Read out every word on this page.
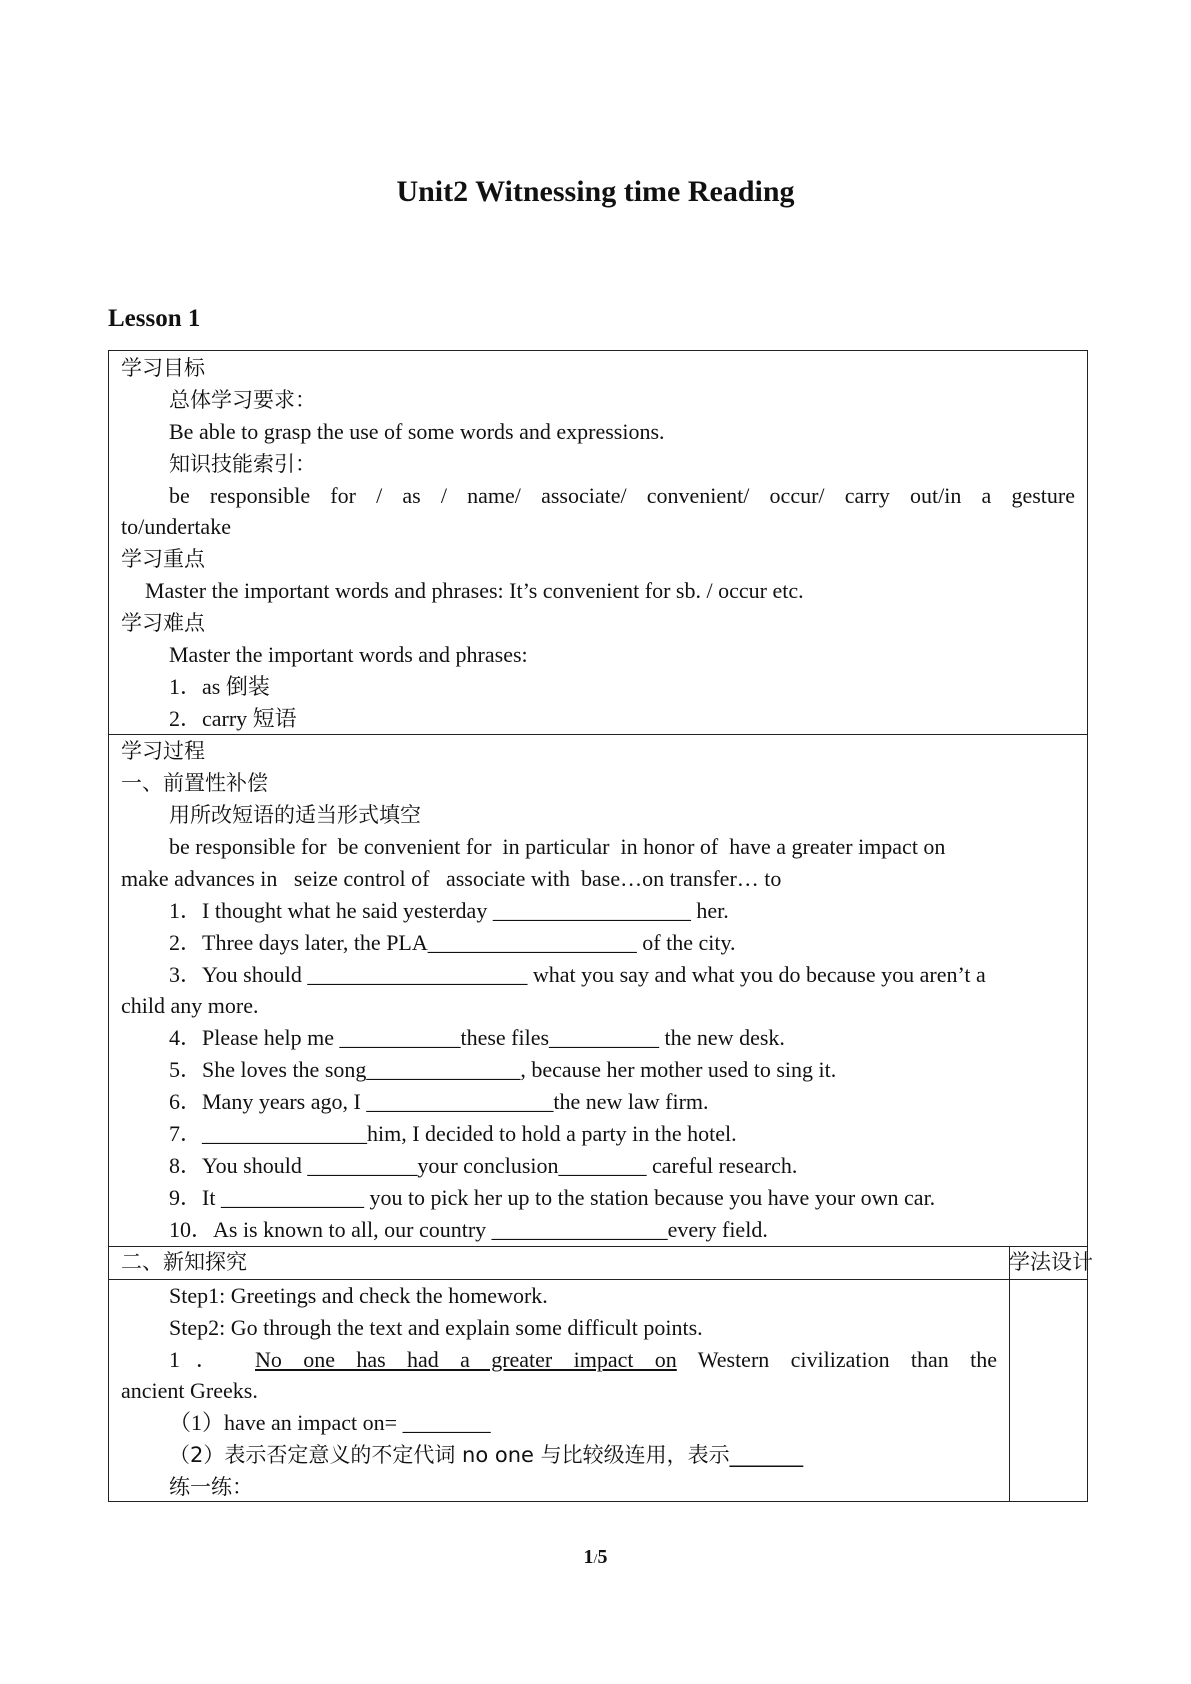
Unit2 Witnessing time Reading
Lesson 1
学习目标
总体学习要求：
Be able to grasp the use of some words and expressions.
知识技能索引：
be responsible for / as / name/ associate/ convenient/ occur/ carry out/in a gesture
to/undertake
学习重点
Master the important words and phrases: It’s convenient for sb. / occur etc.
学习难点
Master the important words and phrases:
1．as 倒装
2．carry 短语
学习过程
一、前置性补偿
用所改短语的适当形式填空
be responsible for  be convenient for  in particular  in honor of  have a greater impact on
make advances in   seize control of   associate with  base…on transfer… to
1．I thought what he said yesterday __________________ her.
2．Three days later, the PLA___________________ of the city.
3．You should ____________________ what you say and what you do because you aren’t a
child any more.
4．Please help me ___________these files__________ the new desk.
5．She loves the song______________, because her mother used to sing it.
6．Many years ago, I _________________the new law firm.
7．_______________him, I decided to hold a party in the hotel.
8．You should __________your conclusion________ careful research.
9．It _____________ you to pick her up to the station because you have your own car.
10．As is known to all, our country ________________every field.
二、新知探究	学法设计
Step1: Greetings and check the homework.
Step2: Go through the text and explain some difficult points.
1． No one has had a greater impact on Western civilization than the
ancient Greeks.
（1）have an impact on= ________
（2）表示否定意义的不定代词 no one 与比较级连用，表示_______
练一练：
1/5
